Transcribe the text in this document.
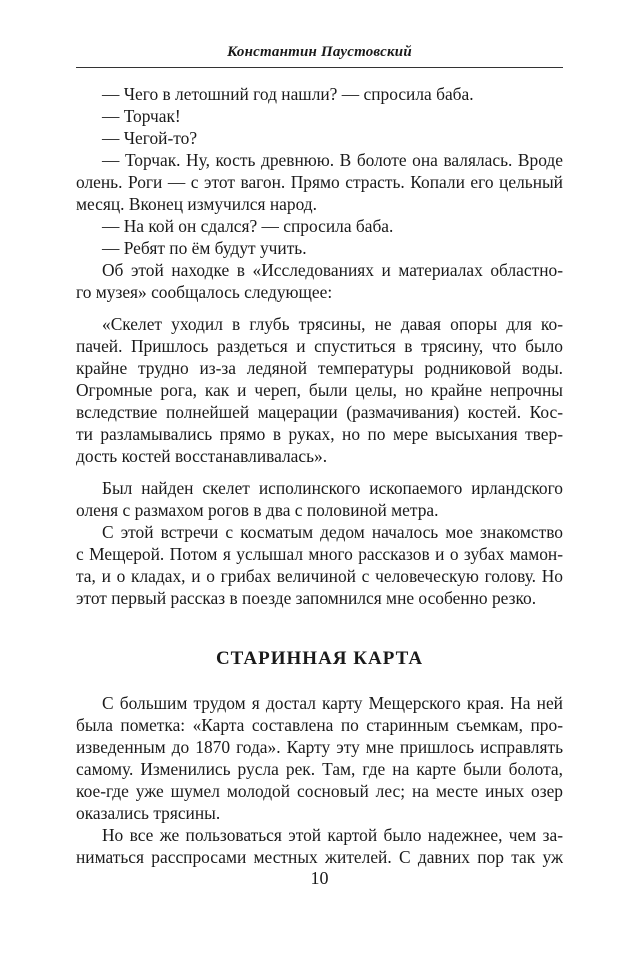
Константин Паустовский
— Чего в летошний год нашли? — спросила баба.
— Торчак!
— Чегой-то?
— Торчак. Ну, кость древнюю. В болоте она валялась. Вроде
олень. Роги — с этот вагон. Прямо страсть. Копали его цельный
месяц. Вконец измучился народ.
— На кой он сдался? — спросила баба.
— Ребят по ём будут учить.
Об этой находке в «Исследованиях и материалах областно-
го музея» сообщалось следующее:
«Скелет уходил в глубь трясины, не давая опоры для ко-
пачей. Пришлось раздеться и спуститься в трясину, что было
крайне трудно из-за ледяной температуры родниковой воды.
Огромные рога, как и череп, были целы, но крайне непрочны
вследствие полнейшей мацерации (размачивания) костей. Кос-
ти разламывались прямо в руках, но по мере высыхания твер-
дость костей восстанавливалась».
Был найден скелет исполинского ископаемого ирландского
оленя с размахом рогов в два с половиной метра.
С этой встречи с косматым дедом началось мое знакомство
с Мещерой. Потом я услышал много рассказов и о зубах мамон-
та, и о кладах, и о грибах величиной с человеческую голову. Но
этот первый рассказ в поезде запомнился мне особенно резко.
С большим трудом я достал карту Мещерского края. На ней
была пометка: «Карта составлена по старинным съемкам, про-
изведенным до 1870 года». Карту эту мне пришлось исправлять
самому. Изменились русла рек. Там, где на карте были болота,
кое-где уже шумел молодой сосновый лес; на месте иных озер
оказались трясины.
Но все же пользоваться этой картой было надежнее, чем за-
ниматься расспросами местных жителей. С давних пор так уж
СТАРИННАЯ КАРТА
10
